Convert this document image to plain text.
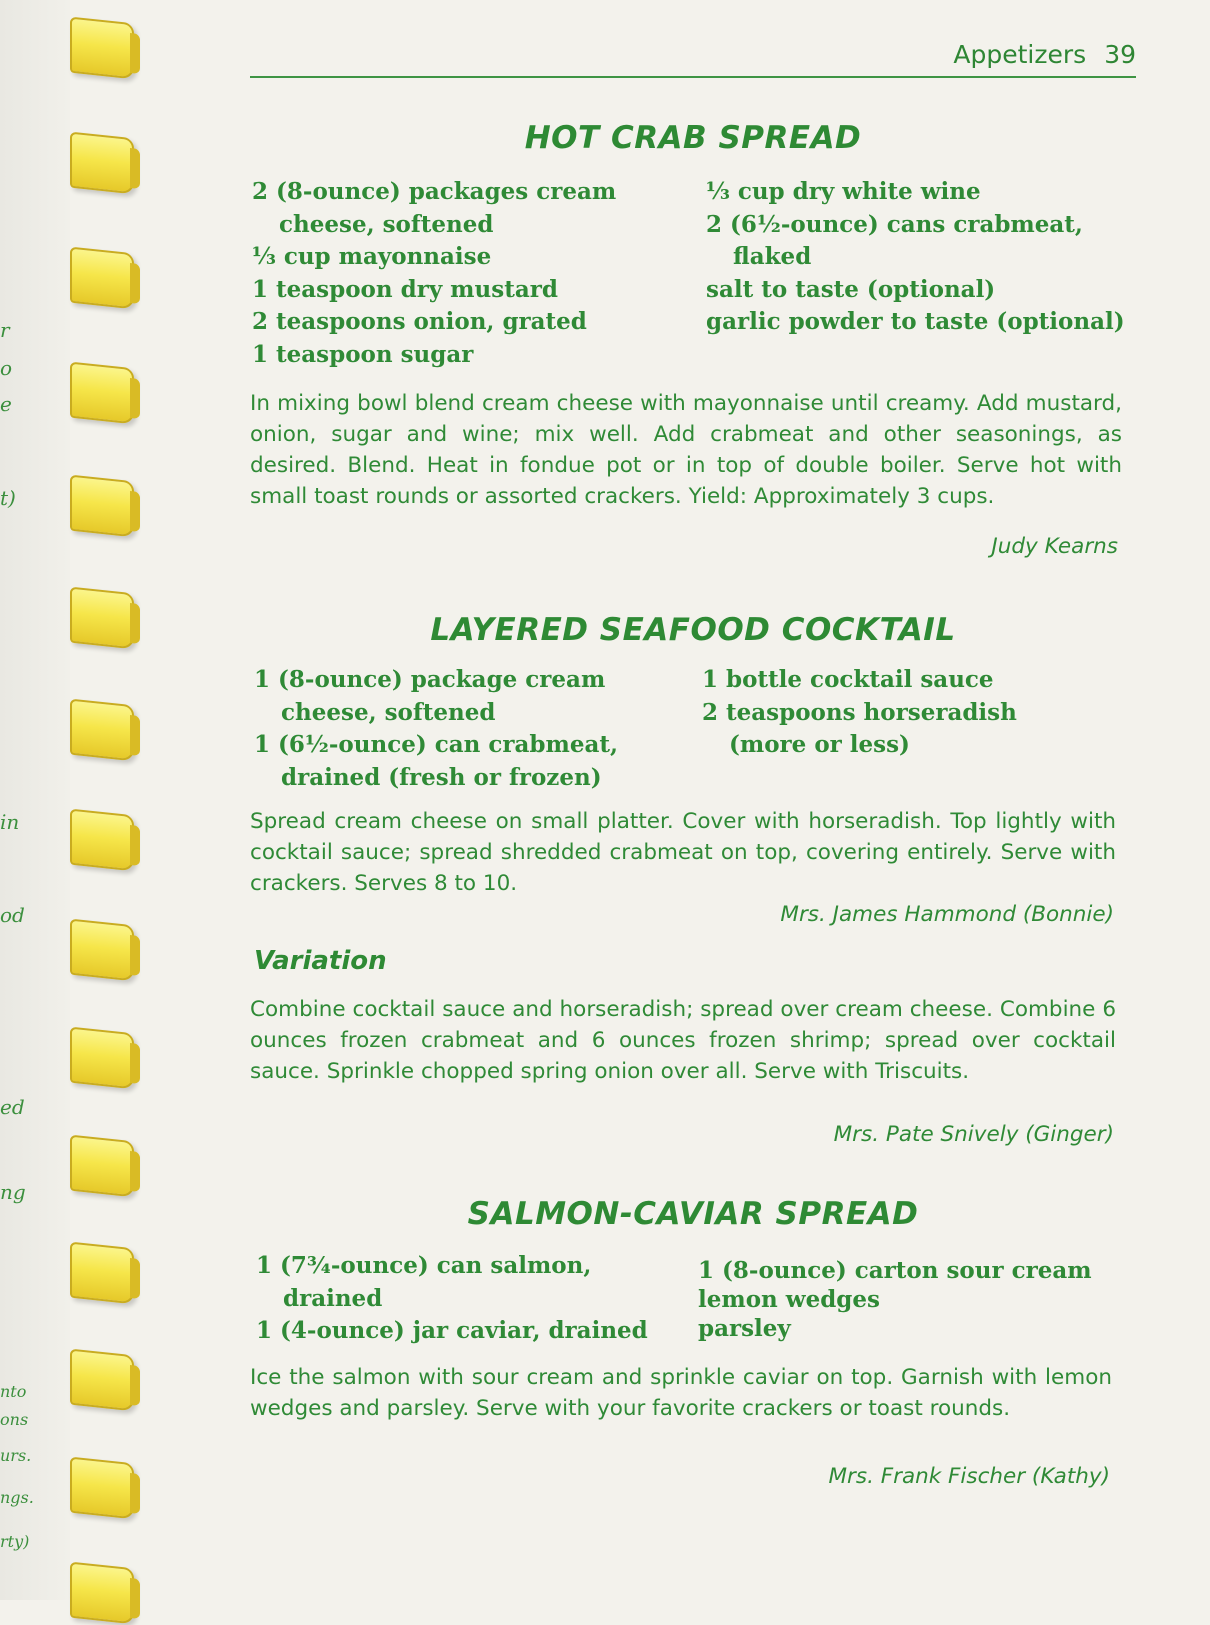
r
o
e
t)
in
od
ed
ng
nto
ons
urs.
ngs.
rty)
Appetizers 39
HOT CRAB SPREAD

2 (8-ounce) packages cream cheese, softened

⅓ cup mayonnaise

1 teaspoon dry mustard

2 teaspoons onion, grated

1 teaspoon sugar

⅓ cup dry white wine

2 (6½-ounce) cans crabmeat, flaked

salt to taste (optional)

garlic powder to taste (optional)

In mixing bowl blend cream cheese with mayonnaise until creamy. Add mustard, onion, sugar and wine; mix well. Add crabmeat and other seasonings, as desired. Blend. Heat in fondue pot or in top of double boiler. Serve hot with small toast rounds or assorted crackers. Yield: Approximately 3 cups.

Judy Kearns
LAYERED SEAFOOD COCKTAIL

1 (8-ounce) package cream cheese, softened

1 (6½-ounce) can crabmeat, drained (fresh or frozen)

1 bottle cocktail sauce

2 teaspoons horseradish (more or less)

Spread cream cheese on small platter. Cover with horseradish. Top lightly with cocktail sauce; spread shredded crabmeat on top, covering entirely. Serve with crackers. Serves 8 to 10.

Mrs. James Hammond (Bonnie)
Variation

Combine cocktail sauce and horseradish; spread over cream cheese. Combine 6 ounces frozen crabmeat and 6 ounces frozen shrimp; spread over cocktail sauce. Sprinkle chopped spring onion over all. Serve with Triscuits.

Mrs. Pate Snively (Ginger)
SALMON-CAVIAR SPREAD

1 (7¾-ounce) can salmon, drained

1 (4-ounce) jar caviar, drained

1 (8-ounce) carton sour cream

lemon wedges

parsley

Ice the salmon with sour cream and sprinkle caviar on top. Garnish with lemon wedges and parsley. Serve with your favorite crackers or toast rounds.

Mrs. Frank Fischer (Kathy)
